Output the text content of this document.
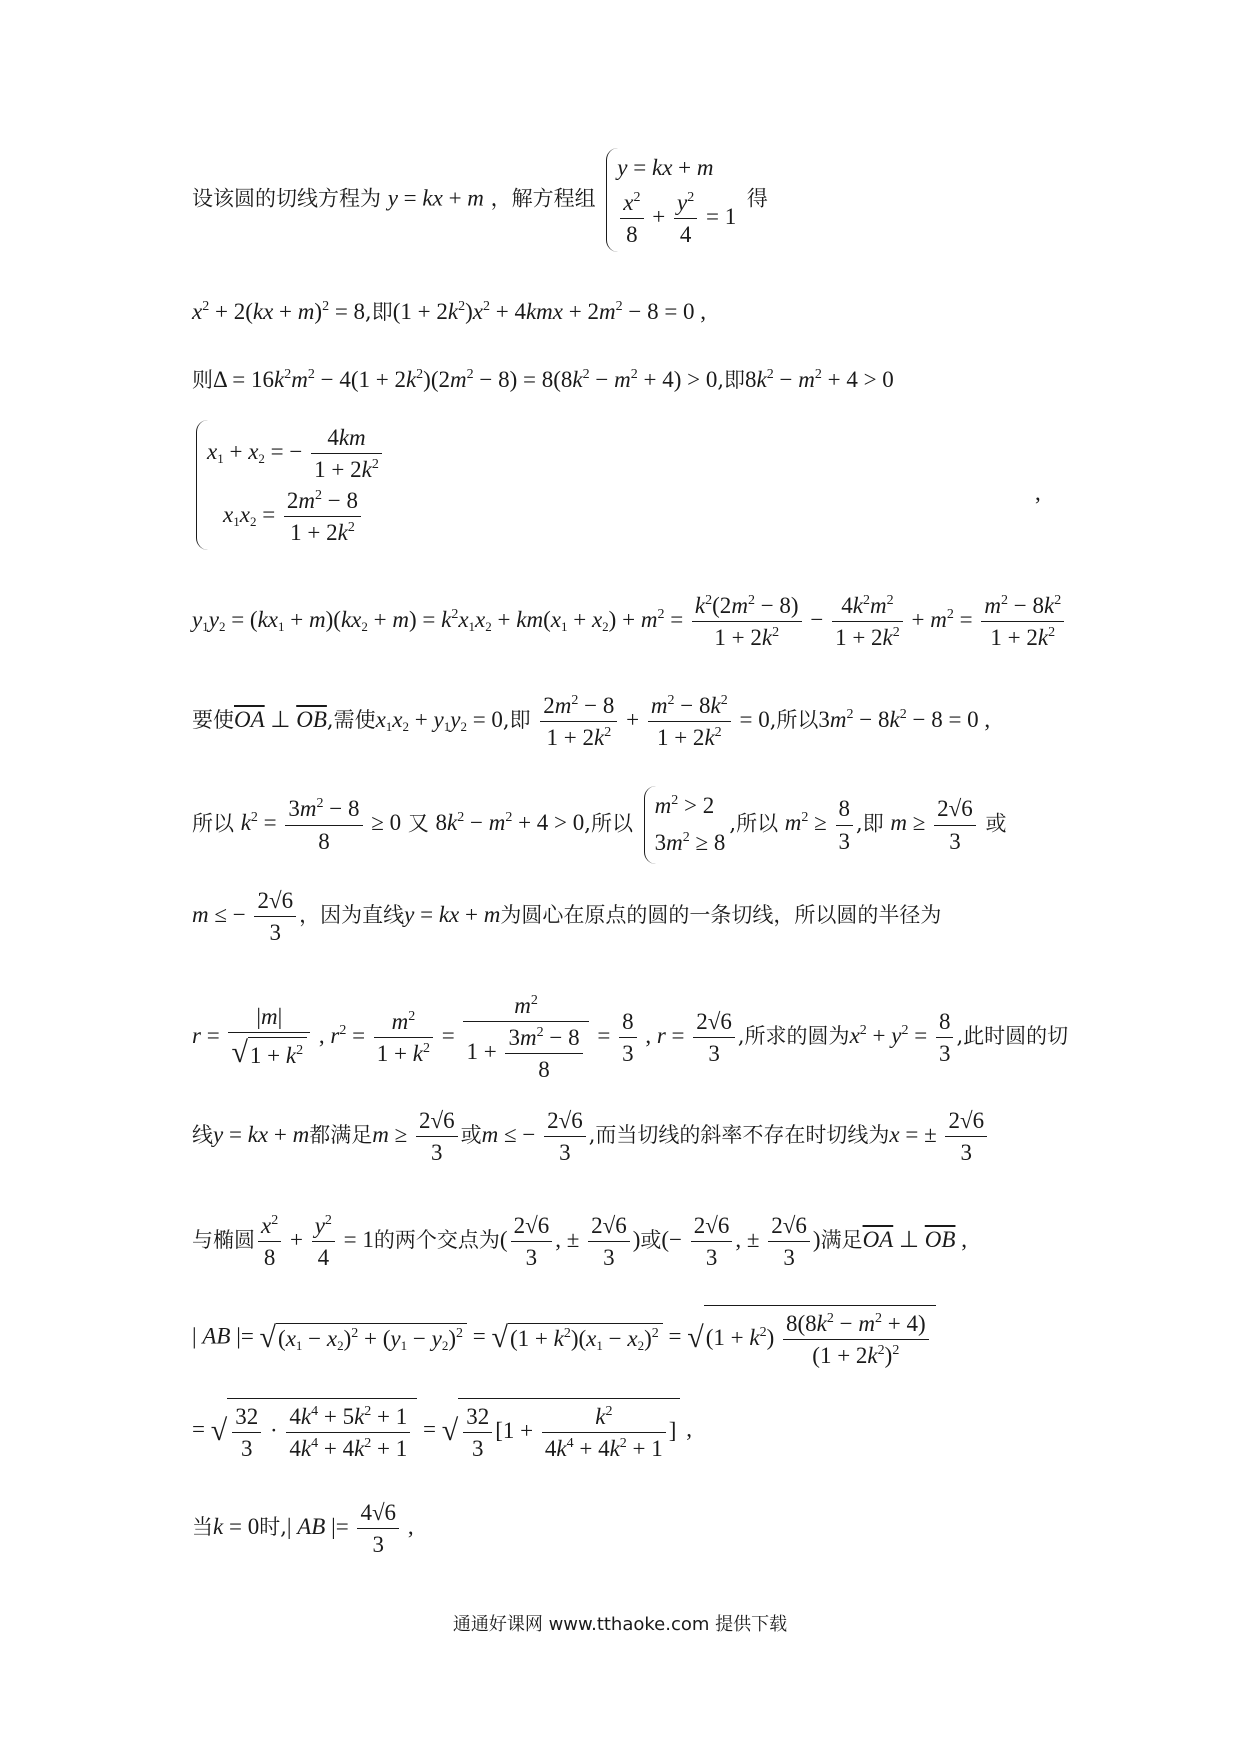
设该圆的切线方程为 y = kx + m ，解方程组
y = kx + m
$\frac{x^2}{8} + \frac{y^2}{4} = 1$
得
$x^2 + 2(kx + m)^2 = 8$,即$(1 + 2k^2)x^2 + 4kmx + 2m^2 - 8 = 0$ ,
则$\Delta = 16k^2m^2 - 4(1 + 2k^2)(2m^2 - 8) = 8(8k^2 - m^2 + 4) > 0$,即$8k^2 - m^2 + 4 > 0$
$x_1 + x_2$ = − $\frac{4km}{1 + 2k^2}$
$x_1x_2 = \frac{2m^2 - 8}{1 + 2k^2}$	,
$y_1y_2 = (kx_1 + m)(kx_2 + m) = k^2x_1x_2 + km(x_1 + x_2) + m^2 = \frac{k^2(2m^2 - 8)}{1 + 2k^2} - \frac{4k^2m^2}{1 + 2k^2} + m^2 = \frac{m^2 - 8k^2}{1 + 2k^2}$
要使$\overline{OA}$ ⊥ $\overline{OB}$,需使$x_1x_2 + y_1y_2 = 0$,即 $\frac{2m^2 - 8}{1 + 2k^2} + \frac{m^2 - 8k^2}{1 + 2k^2} = 0$,所以$3m^2 - 8k^2 - 8 = 0$ ,
所以 $k^2 = \frac{3m^2 - 8}{8} \ge 0$ 又 $8k^2 - m^2 + 4 > 0$,所以
$m^2 > 2$
$3m^2 \ge 8$
,所以 $m^2 \ge \frac{8}{3}$ ,即 $m \ge \frac{2√6}{3}$ 或
m ≤ − $\frac{2√6}{3}$ ，因为直线y = kx + m为圆心在原点的圆的一条切线，所以圆的半径为
r = |m|
√ $1 + k^2$ , $r^2 = \frac{m^2}{1 + k^2} = \frac{m^2}{1 + \frac{3m^2 - 8}{8}} = \frac{8}{3}$ , $r = \frac{2√6}{3}$ ,所求的圆为$x^2 + y^2 = \frac{8}{3}$ ,此时圆的切
线y = kx + m都满足$m \ge \frac{2√6}{3}$ 或m ≤ − $\frac{2√6}{3}$ ,而当切线的斜率不存在时切线为x = ± $\frac{2√6}{3}$
与椭圆 $\frac{x^2}{8} + \frac{y^2}{4} = 1$的两个交点为( $\frac{2√6}{3}$ , ± $\frac{2√6}{3}$ )或(− $\frac{2√6}{3}$ , ± $\frac{2√6}{3}$ )满足$\overline{OA}$ ⊥ $\overline{OB}$ ,
| AB |= √ $(x_1 - x_2)^2 + (y_1 - y_2)^2$ = √ $(1 + k^2)(x_1 - x_2)^2$ = √ $(1 + k^2) \frac{8(8k^2 - m^2 + 4)}{(1 + 2k^2)^2}$
= √ $\frac{32}{3} \cdot \frac{4k^4 + 5k^2 + 1}{4k^4 + 4k^2 + 1}$ = √ $\frac{32}{3} [1 + \frac{k^2}{4k^4 + 4k^2 + 1}$ ] ,
当k = 0时,| AB |= $\frac{4√6}{3}$ ,
通通好课网 www.tthaoke.com 提供下载
